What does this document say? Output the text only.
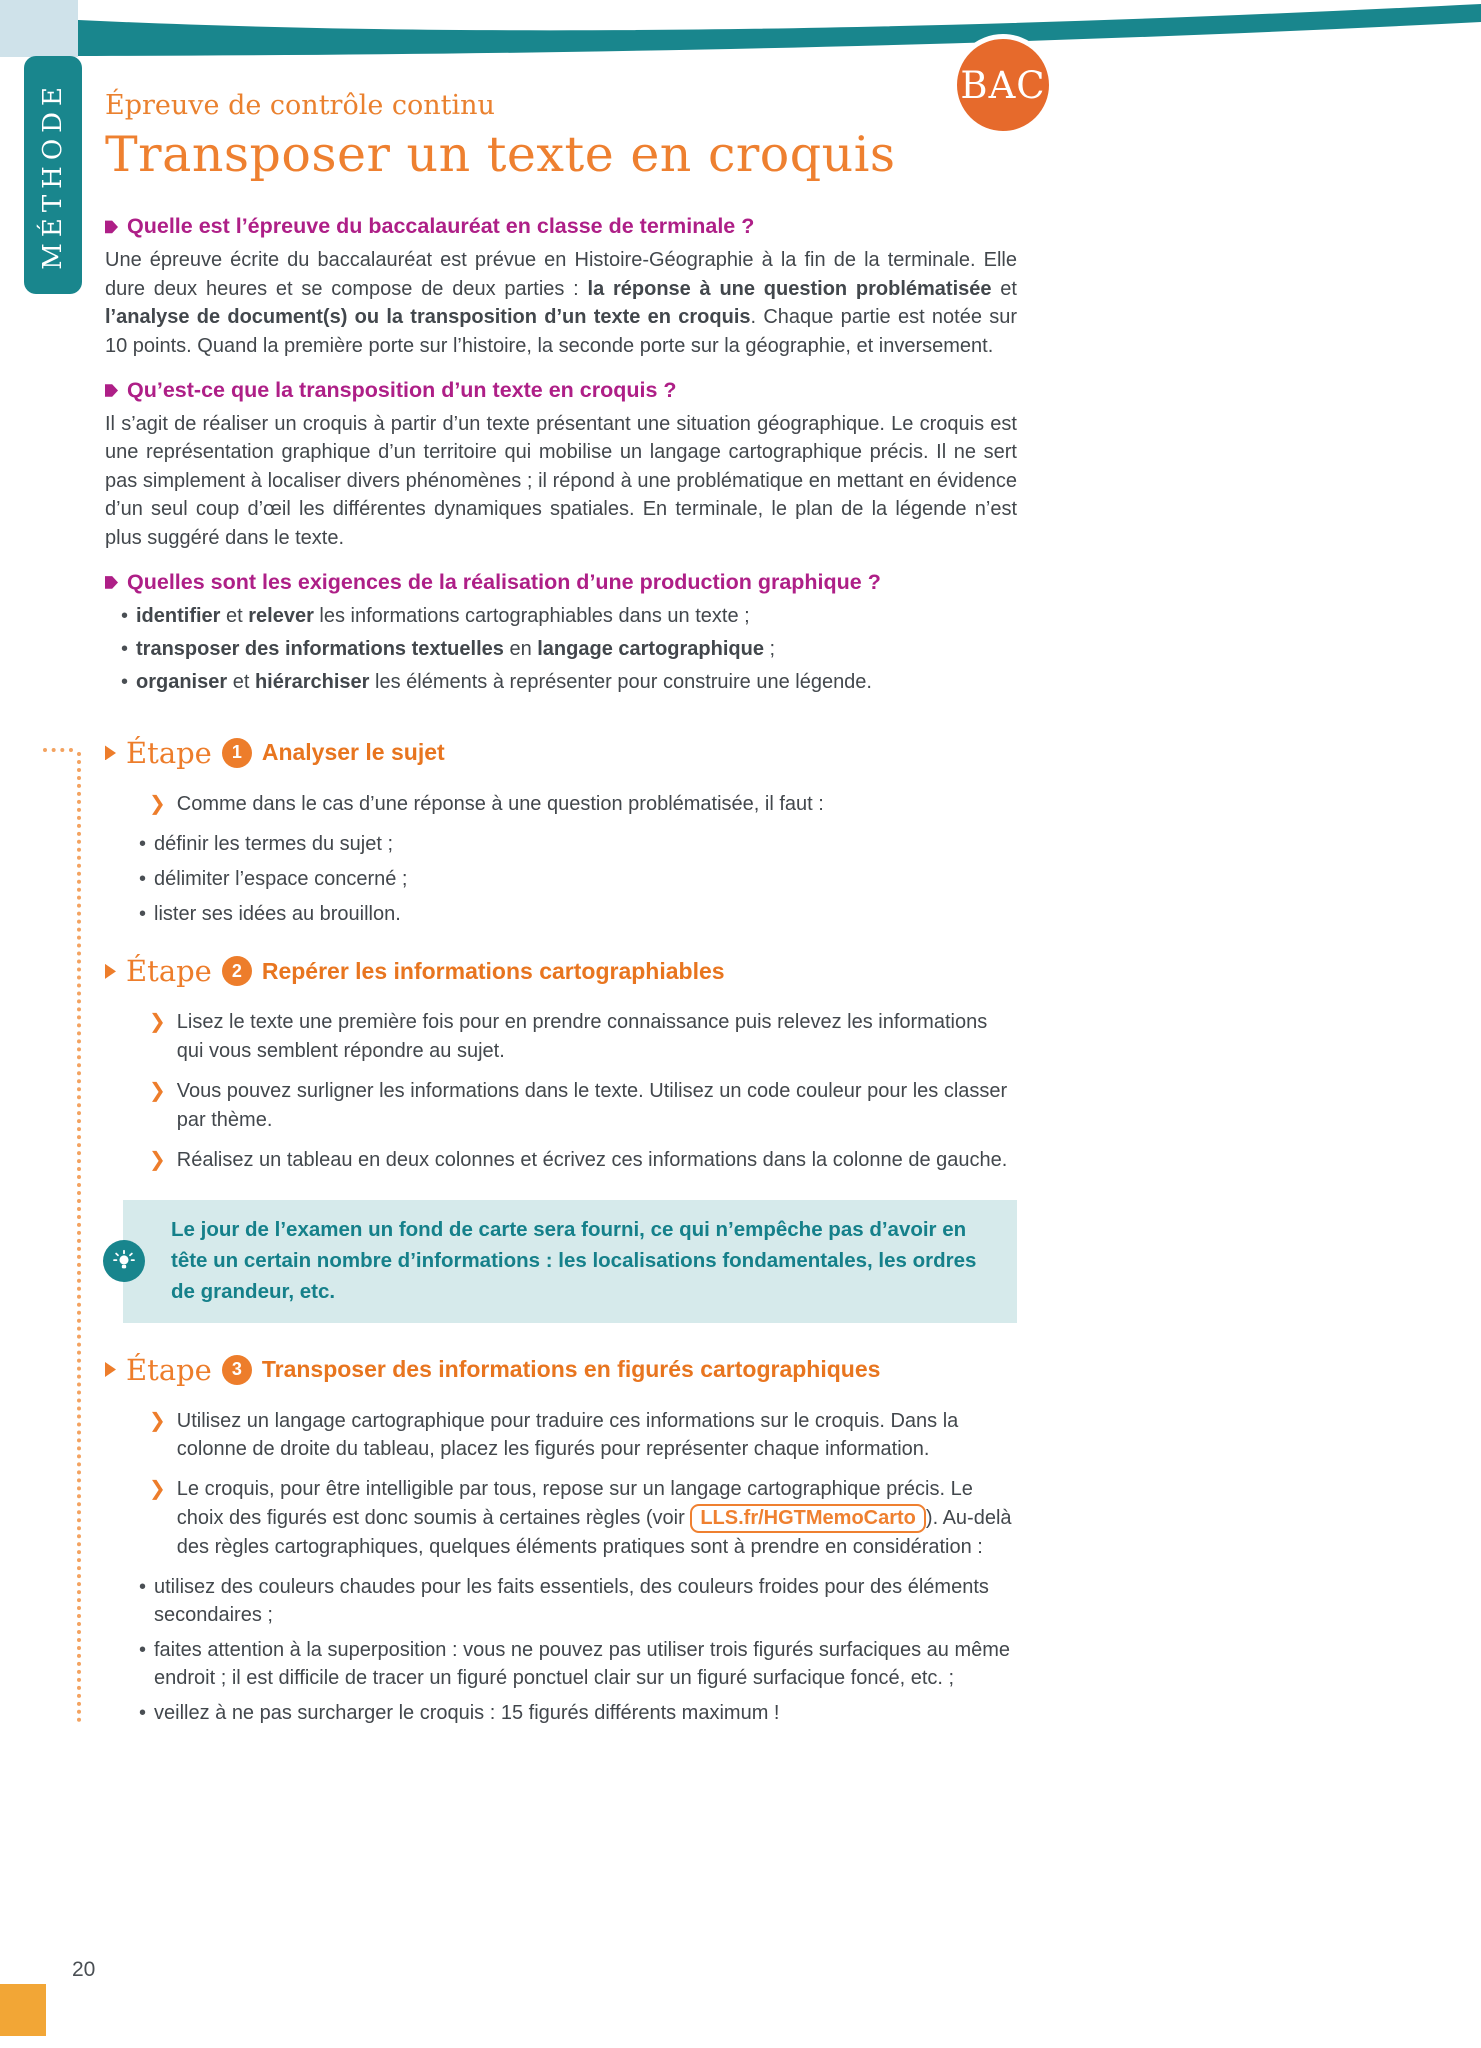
MÉTHODE	BAC
Épreuve de contrôle continu
Transposer un texte en croquis
Quelle est l’épreuve du baccalauréat en classe de terminale ?

Une épreuve écrite du baccalauréat est prévue en Histoire-Géographie à la fin de la terminale. Elle dure deux heures et se compose de deux parties : la réponse à une question problématisée et l’analyse de document(s) ou la transposition d’un texte en croquis. Chaque partie est notée sur 10 points. Quand la première porte sur l’histoire, la seconde porte sur la géographie, et inversement.

Qu’est-ce que la transposition d’un texte en croquis ?

Il s’agit de réaliser un croquis à partir d’un texte présentant une situation géographique. Le croquis est une représentation graphique d’un territoire qui mobilise un langage cartographique précis. Il ne sert pas simplement à localiser divers phénomènes ; il répond à une problématique en mettant en évidence d’un seul coup d’œil les différentes dynamiques spatiales. En terminale, le plan de la légende n’est plus suggéré dans le texte.

Quelles sont les exigences de la réalisation d’une production graphique ?
• identifier et relever les informations cartographiables dans un texte ;
• transposer des informations textuelles en langage cartographique ;
• organiser et hiérarchiser les éléments à représenter pour construire une légende.
Étape	1 Analyser le sujet
❯
Comme dans le cas d’une réponse à une question problématisée, il faut :
• définir les termes du sujet ;
• délimiter l’espace concerné ;
• lister ses idées au brouillon.
Étape	2 Repérer les informations cartographiables
❯
Lisez le texte une première fois pour en prendre connaissance puis relevez les informations qui vous semblent répondre au sujet.
❯
Vous pouvez surligner les informations dans le texte. Utilisez un code couleur pour les classer par thème.
❯
Réalisez un tableau en deux colonnes et écrivez ces informations dans la colonne de gauche.
Le jour de l’examen un fond de carte sera fourni, ce qui n’empêche pas d’avoir en tête un certain nombre d’informations : les localisations fondamentales, les ordres de grandeur, etc.
Étape	3 Transposer des informations en figurés cartographiques
❯
Utilisez un langage cartographique pour traduire ces informations sur le croquis. Dans la colonne de droite du tableau, placez les figurés pour représenter chaque information.
❯
Le croquis, pour être intelligible par tous, repose sur un langage cartographique précis. Le choix des figurés est donc soumis à certaines règles (voir LLS.fr/HGTMemoCarto ). Au-delà des règles cartographiques, quelques éléments pratiques sont à prendre en considération :
• utilisez des couleurs chaudes pour les faits essentiels, des couleurs froides pour des éléments secondaires ;
• faites attention à la superposition : vous ne pouvez pas utiliser trois figurés surfaciques au même endroit ; il est difficile de tracer un figuré ponctuel clair sur un figuré surfacique foncé, etc. ;
• veillez à ne pas surcharger le croquis : 15 figurés différents maximum !
20
